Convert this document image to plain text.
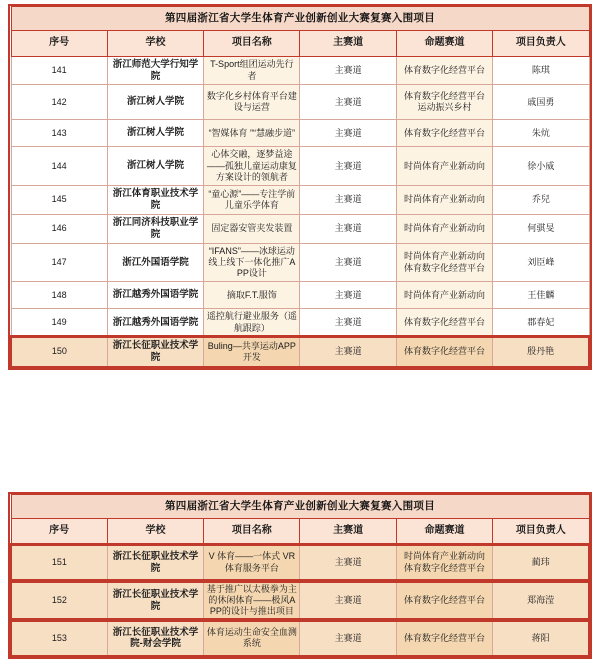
第四届浙江省大学生体育产业创新创业大赛复赛入围项目					
序号	学校	项目名称	主赛道	命题赛道	项目负责人
141	浙江师范大学行知学院	T-Sport组团运动先行者	主赛道	体育数字化经营平台	陈琪
142	浙江树人学院	数字化乡村体育平台建设与运营	主赛道	体育数字化经营平台 运动振兴乡村	戚国勇
143	浙江树人学院	“智媒体育 ”“慧融步道”	主赛道	体育数字化经营平台	朱炕
144	浙江树人学院	心体交融，逐梦益途——孤独儿童运动康复方案设计的领航者	主赛道	时尚体育产业新动向	徐小威
145	浙江体育职业技术学院	“童心源”——专注学前儿童乐学体育	主赛道	时尚体育产业新动向	乔兒
146	浙江同济科技职业学院	固定器安管夹发装置	主赛道	时尚体育产业新动向	何骐旻
147	浙江外国语学院	“IFANS”——冰球运动线上线下一体化推广APP设计	主赛道	时尚体育产业新动向 体育数字化经营平台	刘臣峰
148	浙江越秀外国语学院	摘取F.T.服饰	主赛道	时尚体育产业新动向	王佳麟
149	浙江越秀外国语学院	遥控航行避业服务（遥航跟踪）	主赛道	体育数字化经营平台	郡春妃
150	浙江长征职业技术学院	Buling—共享运动APP开发	主赛道	体育数字化经营平台	殷丹艳
第四届浙江省大学生体育产业创新创业大赛复赛入围项目					
序号	学校	项目名称	主赛道	命题赛道	项目负责人
151	浙江长征职业技术学院	V 体育——一体式 VR 体育服务平台	主赛道	时尚体育产业新动向 体育数字化经营平台	蔺玮
152	浙江长征职业技术学院	基于推广以太极拳为主的休闲体育——极风APP的设计与推出项目	主赛道	体育数字化经营平台	郑海滢
153	浙江长征职业技术学院-财会学院	体育运动生命安全血测系统	主赛道	体育数字化经营平台	蒋阳
